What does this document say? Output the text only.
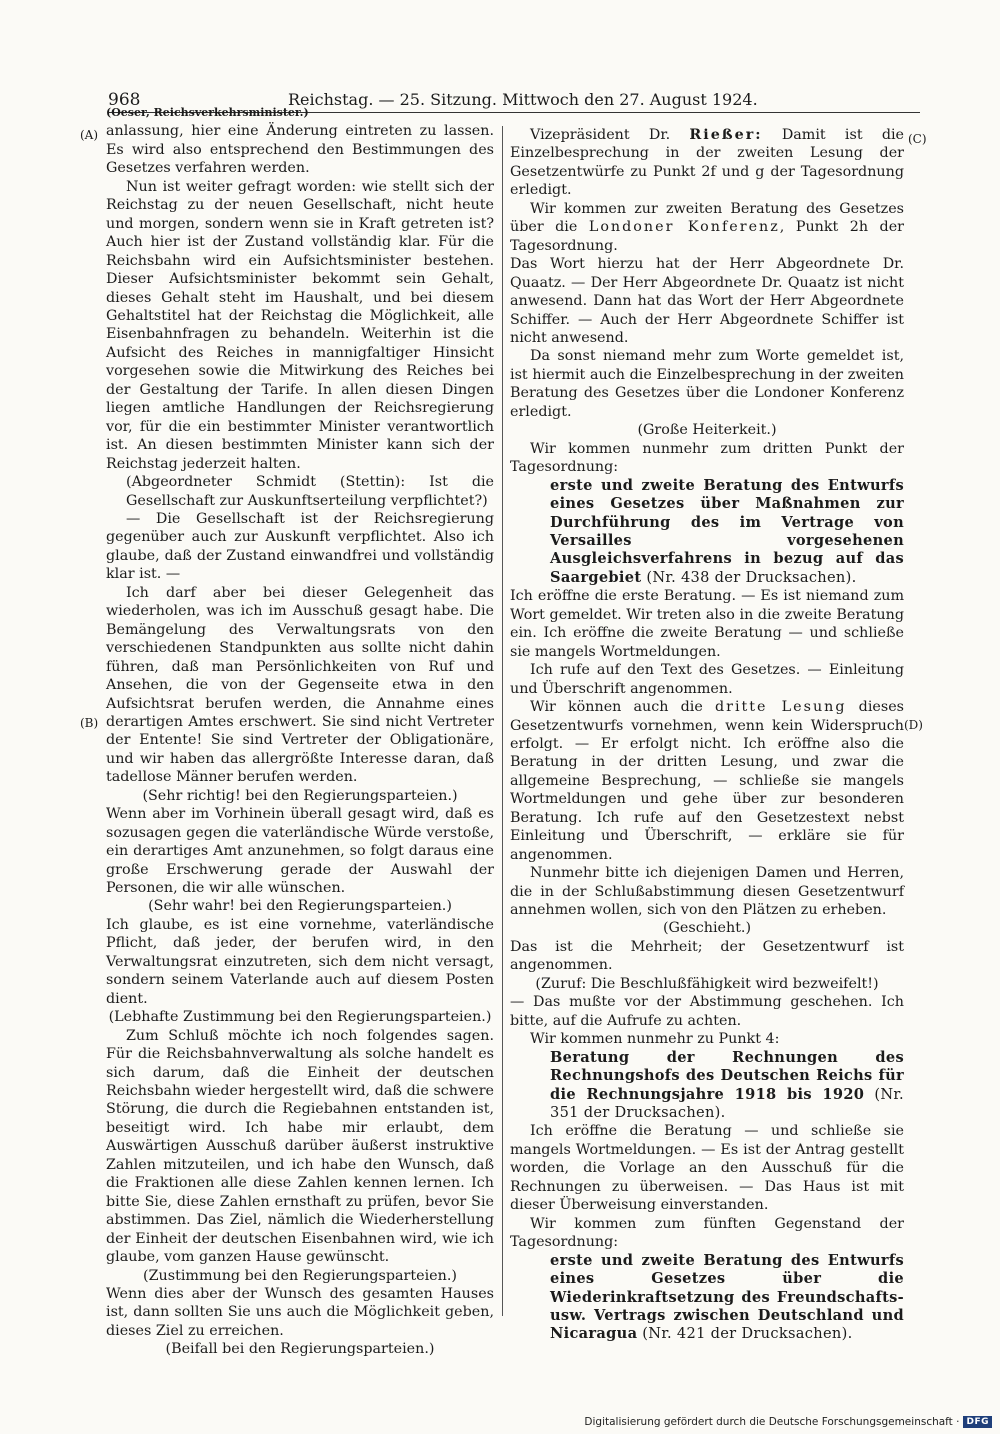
968	Reichstag. — 25. Sitzung. Mittwoch den 27. August 1924.
(A)
(B)
(C)
(D)

(Oeser, Reichsverkehrsminister.)

anlassung, hier eine Änderung eintreten zu lassen. Es wird also entsprechend den Bestimmungen des Gesetzes verfahren werden.

Nun ist weiter gefragt worden: wie stellt sich der Reichstag zu der neuen Gesellschaft, nicht heute und morgen, sondern wenn sie in Kraft getreten ist? Auch hier ist der Zustand vollständig klar. Für die Reichsbahn wird ein Aufsichtsminister bestehen. Dieser Aufsichtsminister bekommt sein Gehalt, dieses Gehalt steht im Haushalt, und bei diesem Gehaltstitel hat der Reichstag die Möglichkeit, alle Eisenbahnfragen zu behandeln. Weiterhin ist die Aufsicht des Reiches in mannigfaltiger Hinsicht vorgesehen sowie die Mitwirkung des Reiches bei der Gestaltung der Tarife. In allen diesen Dingen liegen amtliche Handlungen der Reichsregierung vor, für die ein bestimmter Minister verantwortlich ist. An diesen bestimmten Minister kann sich der Reichstag jederzeit halten.

(Abgeordneter Schmidt (Stettin): Ist die Gesellschaft zur Auskunftserteilung verpflichtet?)

— Die Gesellschaft ist der Reichsregierung gegenüber auch zur Auskunft verpflichtet. Also ich glaube, daß der Zustand einwandfrei und vollständig klar ist. —

Ich darf aber bei dieser Gelegenheit das wiederholen, was ich im Ausschuß gesagt habe. Die Bemängelung des Verwaltungsrats von den verschiedenen Standpunkten aus sollte nicht dahin führen, daß man Persönlichkeiten von Ruf und Ansehen, die von der Gegenseite etwa in den Aufsichtsrat berufen werden, die Annahme eines derartigen Amtes erschwert. Sie sind nicht Vertreter der Entente! Sie sind Vertreter der Obligationäre, und wir haben das allergrößte Interesse daran, daß tadellose Männer berufen werden.

(Sehr richtig! bei den Regierungsparteien.)

Wenn aber im Vorhinein überall gesagt wird, daß es sozusagen gegen die vaterländische Würde verstoße, ein derartiges Amt anzunehmen, so folgt daraus eine große Erschwerung gerade der Auswahl der Personen, die wir alle wünschen.

(Sehr wahr! bei den Regierungsparteien.)

Ich glaube, es ist eine vornehme, vaterländische Pflicht, daß jeder, der berufen wird, in den Verwaltungsrat einzutreten, sich dem nicht versagt, sondern seinem Vaterlande auch auf diesem Posten dient.

(Lebhafte Zustimmung bei den Regierungsparteien.)

Zum Schluß möchte ich noch folgendes sagen. Für die Reichsbahnverwaltung als solche handelt es sich darum, daß die Einheit der deutschen Reichsbahn wieder hergestellt wird, daß die schwere Störung, die durch die Regiebahnen entstanden ist, beseitigt wird. Ich habe mir erlaubt, dem Auswärtigen Ausschuß darüber äußerst instruktive Zahlen mitzuteilen, und ich habe den Wunsch, daß die Fraktionen alle diese Zahlen kennen lernen. Ich bitte Sie, diese Zahlen ernsthaft zu prüfen, bevor Sie abstimmen. Das Ziel, nämlich die Wiederherstellung der Einheit der deutschen Eisenbahnen wird, wie ich glaube, vom ganzen Hause gewünscht.

(Zustimmung bei den Regierungsparteien.)

Wenn dies aber der Wunsch des gesamten Hauses ist, dann sollten Sie uns auch die Möglichkeit geben, dieses Ziel zu erreichen.

(Beifall bei den Regierungsparteien.)

Vizepräsident Dr. Rießer: Damit ist die Einzelbesprechung in der zweiten Lesung der Gesetzentwürfe zu Punkt 2f und g der Tagesordnung erledigt.

Wir kommen zur zweiten Beratung des Gesetzes über die Londoner Konferenz, Punkt 2h der Tagesordnung.

Das Wort hierzu hat der Herr Abgeordnete Dr. Quaatz. — Der Herr Abgeordnete Dr. Quaatz ist nicht anwesend. Dann hat das Wort der Herr Abgeordnete Schiffer. — Auch der Herr Abgeordnete Schiffer ist nicht anwesend.

Da sonst niemand mehr zum Worte gemeldet ist, ist hiermit auch die Einzelbesprechung in der zweiten Beratung des Gesetzes über die Londoner Konferenz erledigt.

(Große Heiterkeit.)

Wir kommen nunmehr zum dritten Punkt der Tagesordnung:

erste und zweite Beratung des Entwurfs eines Gesetzes über Maßnahmen zur Durchführung des im Vertrage von Versailles vorgesehenen Ausgleichsverfahrens in bezug auf das Saargebiet (Nr. 438 der Drucksachen).

Ich eröffne die erste Beratung. — Es ist niemand zum Wort gemeldet. Wir treten also in die zweite Beratung ein. Ich eröffne die zweite Beratung — und schließe sie mangels Wortmeldungen.

Ich rufe auf den Text des Gesetzes. — Einleitung und Überschrift angenommen.

Wir können auch die dritte Lesung dieses Gesetzentwurfs vornehmen, wenn kein Widerspruch erfolgt. — Er erfolgt nicht. Ich eröffne also die Beratung in der dritten Lesung, und zwar die allgemeine Besprechung, — schließe sie mangels Wortmeldungen und gehe über zur besonderen Beratung. Ich rufe auf den Gesetzestext nebst Einleitung und Überschrift, — erkläre sie für angenommen.

Nunmehr bitte ich diejenigen Damen und Herren, die in der Schlußabstimmung diesen Gesetzentwurf annehmen wollen, sich von den Plätzen zu erheben.

(Geschieht.)

Das ist die Mehrheit; der Gesetzentwurf ist angenommen.

(Zuruf: Die Beschlußfähigkeit wird bezweifelt!)

— Das mußte vor der Abstimmung geschehen. Ich bitte, auf die Aufrufe zu achten.

Wir kommen nunmehr zu Punkt 4:

Beratung der Rechnungen des Rechnungshofs des Deutschen Reichs für die Rechnungsjahre 1918 bis 1920 (Nr. 351 der Drucksachen).

Ich eröffne die Beratung — und schließe sie mangels Wortmeldungen. — Es ist der Antrag gestellt worden, die Vorlage an den Ausschuß für die Rechnungen zu überweisen. — Das Haus ist mit dieser Überweisung einverstanden.

Wir kommen zum fünften Gegenstand der Tagesordnung:

erste und zweite Beratung des Entwurfs eines Gesetzes über die Wiederinkraftsetzung des Freundschafts- usw. Vertrags zwischen Deutschland und Nicaragua (Nr. 421 der Drucksachen).

Digitalisierung gefördert durch die Deutsche Forschungsgemeinschaft · DFG
